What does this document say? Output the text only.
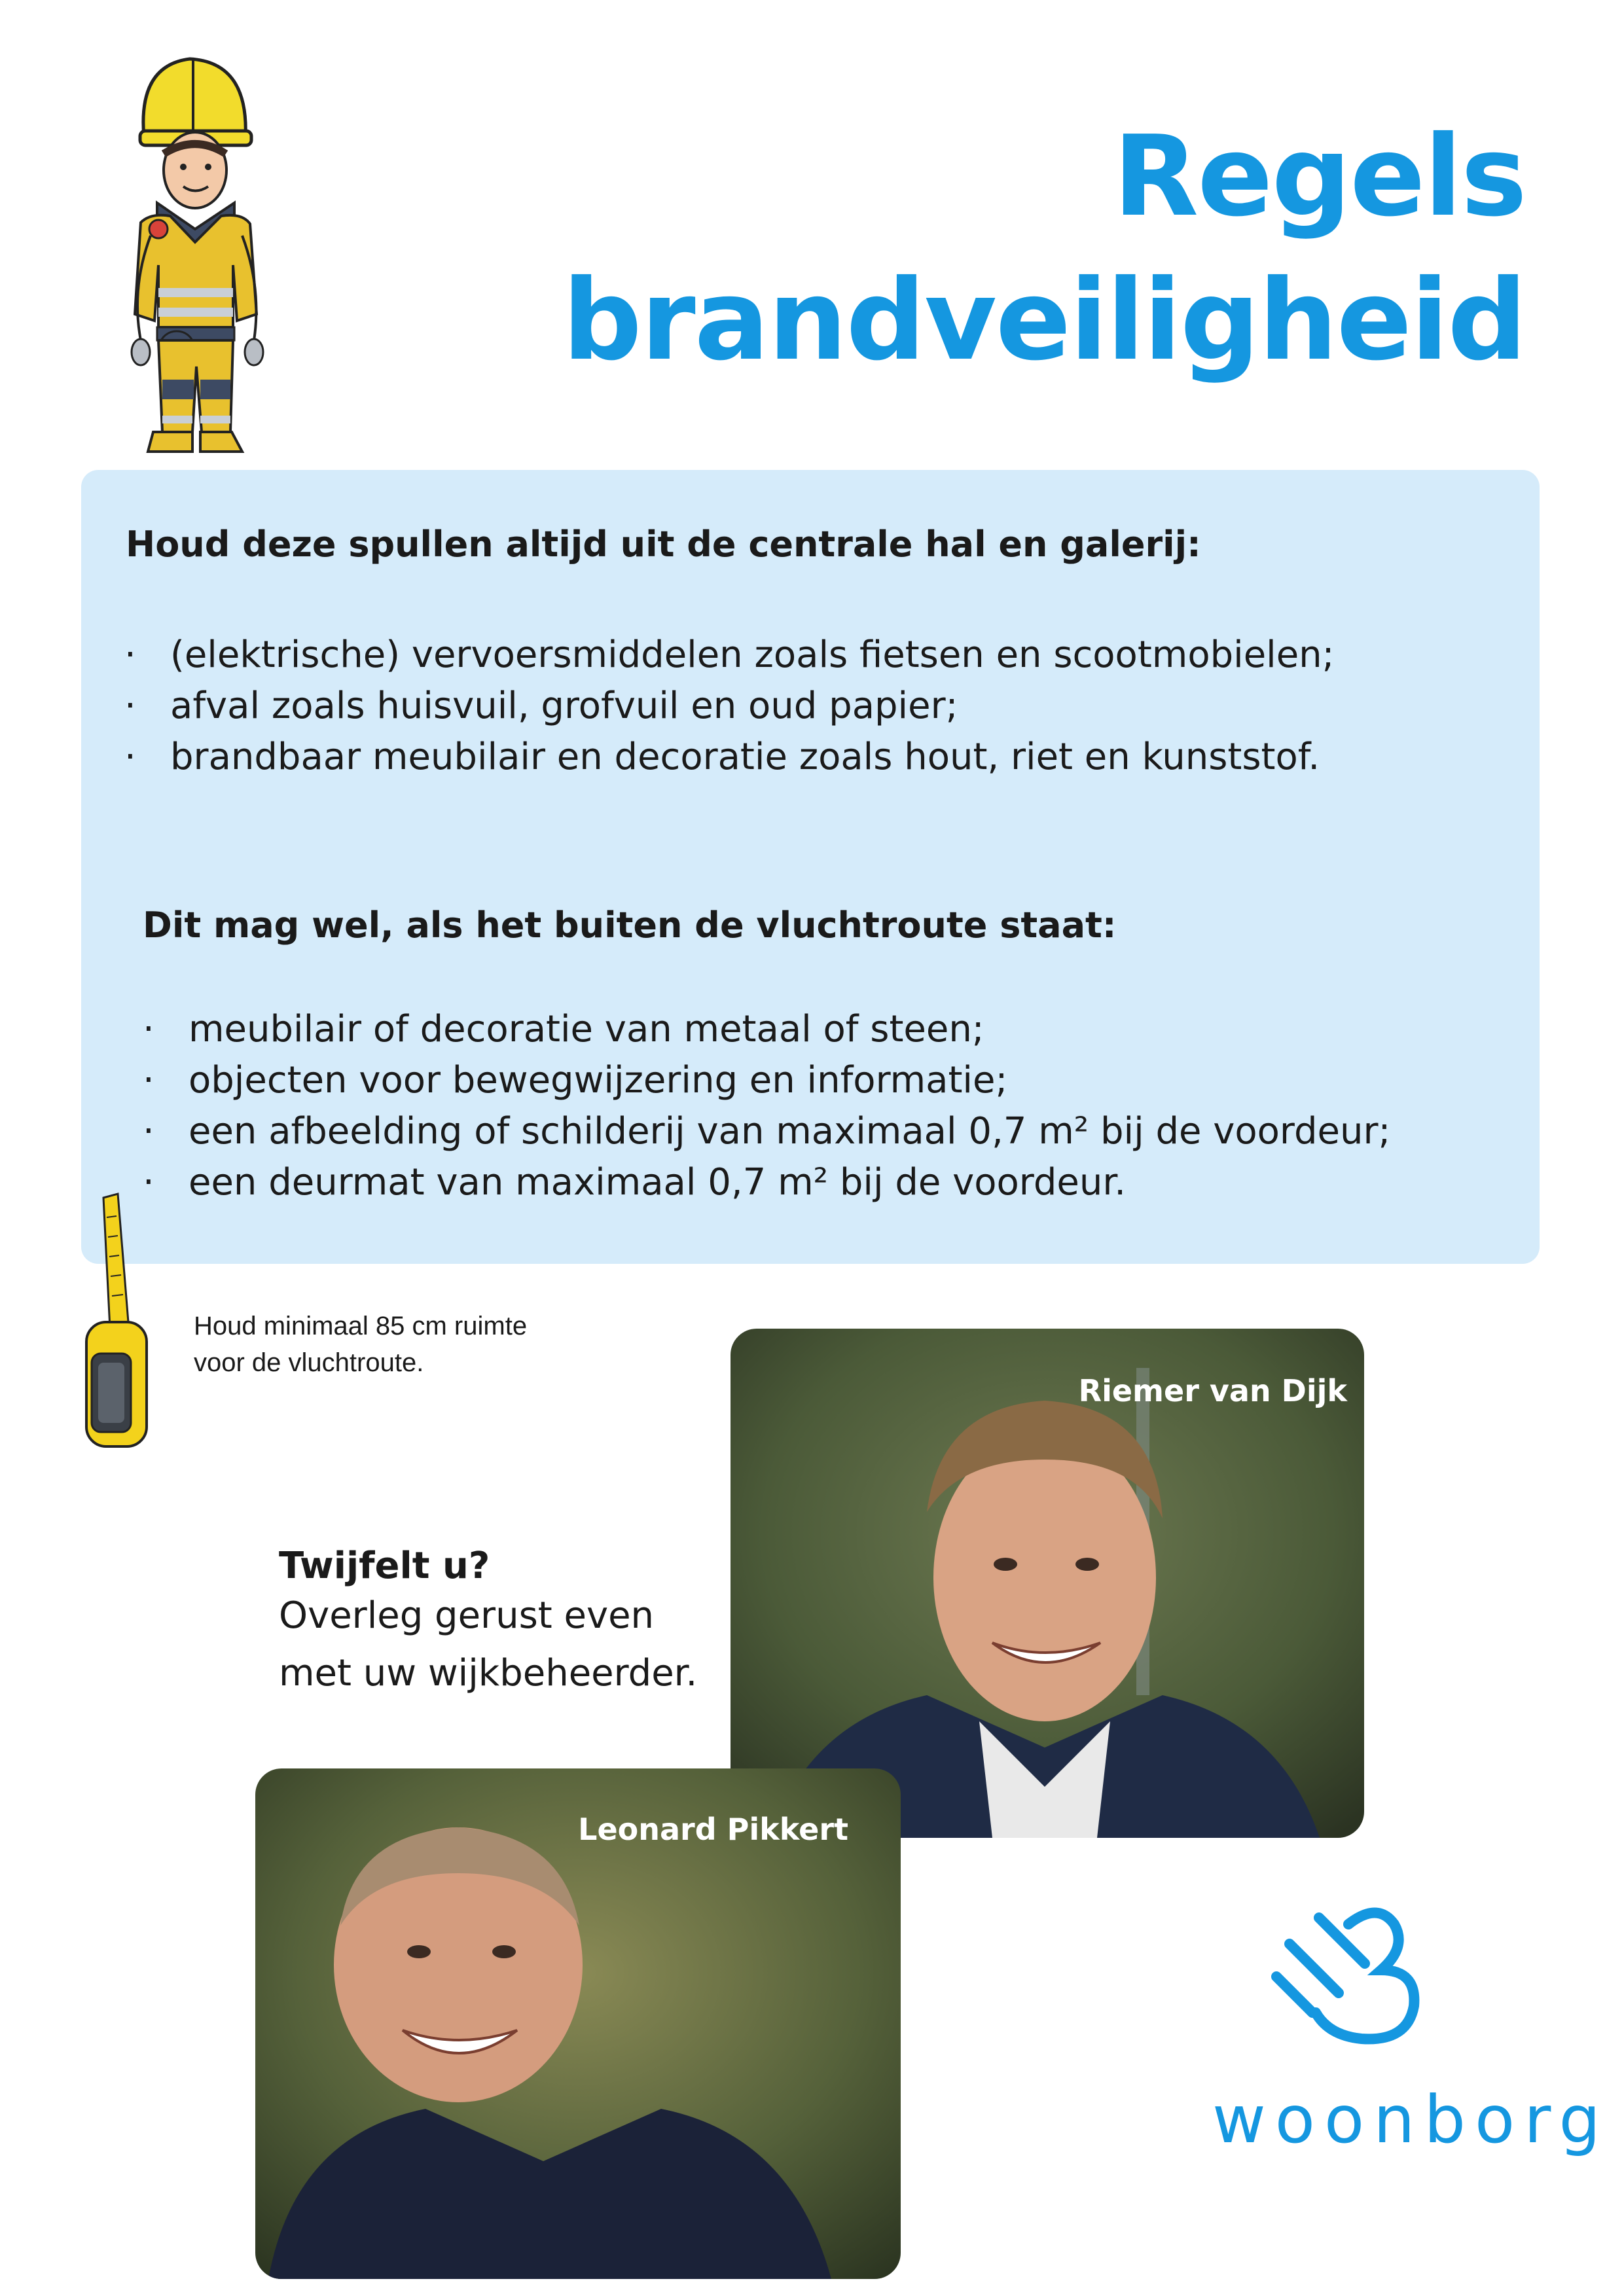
Regels
brandveiligheid
Houd deze spullen altijd uit de centrale hal en galerij:
· (elektrische) vervoersmiddelen zoals fietsen en scootmobielen;
· afval zoals huisvuil, grofvuil en oud papier;
· brandbaar meubilair en decoratie zoals hout, riet en kunststof.
Dit mag wel, als het buiten de vluchtroute staat:
· meubilair of decoratie van metaal of steen;
· objecten voor bewegwijzering en informatie;
· een afbeelding of schilderij van maximaal 0,7 m² bij de voordeur;
· een deurmat van maximaal 0,7 m² bij de voordeur.
Houd minimaal 85 cm ruimte
voor de vluchtroute.
Riemer van Dijk
Twijfelt u?
Overleg gerust even
met uw wijkbeheerder.
Leonard Pikkert
woonborg
